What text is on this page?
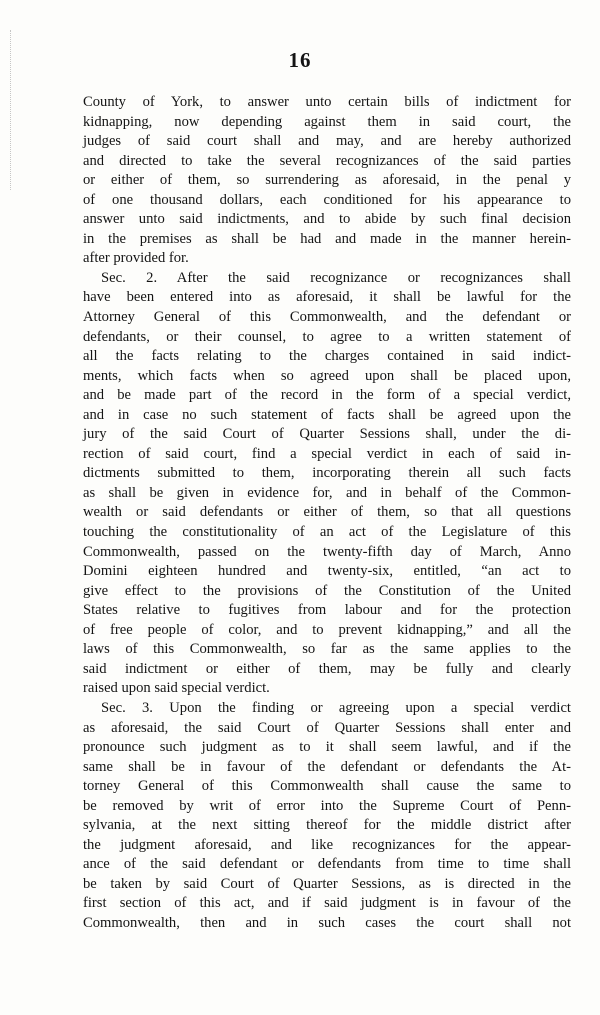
16
County of York, to answer unto certain bills of indictment for
kidnapping, now depending against them in said court, the
judges of said court shall and may, and are hereby authorized
and directed to take the several recognizances of the said parties
or either of them, so surrendering as aforesaid, in the penal y
of one thousand dollars, each conditioned for his appearance to
answer unto said indictments, and to abide by such final decision
in the premises as shall be had and made in the manner herein-
after provided for.
Sec. 2. After the said recognizance or recognizances shall
have been entered into as aforesaid, it shall be lawful for the
Attorney General of this Commonwealth, and the defendant or
defendants, or their counsel, to agree to a written statement of
all the facts relating to the charges contained in said indict-
ments, which facts when so agreed upon shall be placed upon,
and be made part of the record in the form of a special verdict,
and in case no such statement of facts shall be agreed upon the
jury of the said Court of Quarter Sessions shall, under the di-
rection of said court, find a special verdict in each of said in-
dictments submitted to them, incorporating therein all such facts
as shall be given in evidence for, and in behalf of the Common-
wealth or said defendants or either of them, so that all questions
touching the constitutionality of an act of the Legislature of this
Commonwealth, passed on the twenty-fifth day of March, Anno
Domini eighteen hundred and twenty-six, entitled, “an act to
give effect to the provisions of the Constitution of the United
States relative to fugitives from labour and for the protection
of free people of color, and to prevent kidnapping,” and all the
laws of this Commonwealth, so far as the same applies to the
said indictment or either of them, may be fully and clearly
raised upon said special verdict.
Sec. 3. Upon the finding or agreeing upon a special verdict
as aforesaid, the said Court of Quarter Sessions shall enter and
pronounce such judgment as to it shall seem lawful, and if the
same shall be in favour of the defendant or defendants the At-
torney General of this Commonwealth shall cause the same to
be removed by writ of error into the Supreme Court of Penn-
sylvania, at the next sitting thereof for the middle district after
the judgment aforesaid, and like recognizances for the appear-
ance of the said defendant or defendants from time to time shall
be taken by said Court of Quarter Sessions, as is directed in the
first section of this act, and if said judgment is in favour of the
Commonwealth, then and in such cases the court shall not
